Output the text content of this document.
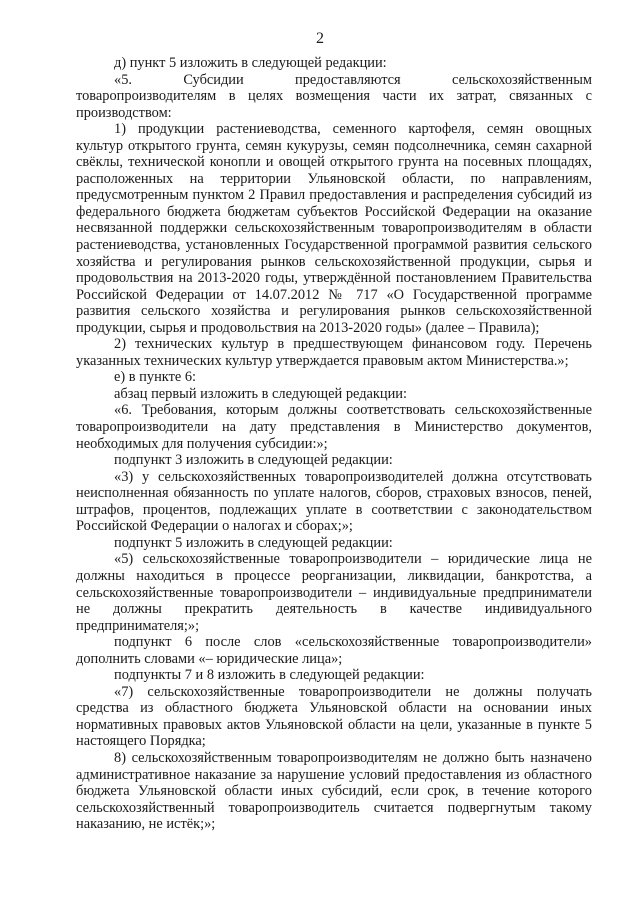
2

д) пункт 5 изложить в следующей редакции:

«5. Субсидии предоставляются сельскохозяйственным товаропроизводителям в целях возмещения части их затрат, связанных с производством:

1) продукции растениеводства, семенного картофеля, семян овощных культур открытого грунта, семян кукурузы, семян подсолнечника, семян сахарной свёклы, технической конопли и овощей открытого грунта на посевных площадях, расположенных на территории Ульяновской области, по направлениям, предусмотренным пунктом 2 Правил предоставления и распределения субсидий из федерального бюджета бюджетам субъектов Российской Федерации на оказание несвязанной поддержки сельскохозяйственным товаропроизводителям в области растениеводства, установленных Государственной программой развития сельского хозяйства и регулирования рынков сельскохозяйственной продукции, сырья и продовольствия на 2013-2020 годы, утверждённой постановлением Правительства Российской Федерации от 14.07.2012 № 717 «О Государственной программе развития сельского хозяйства и регулирования рынков сельскохозяйственной продукции, сырья и продовольствия на 2013-2020 годы» (далее – Правила);

2) технических культур в предшествующем финансовом году. Перечень указанных технических культур утверждается правовым актом Министерства.»;

е) в пункте 6:

абзац первый изложить в следующей редакции:

«6. Требования, которым должны соответствовать сельскохозяйственные товаропроизводители на дату представления в Министерство документов, необходимых для получения субсидии:»;

подпункт 3 изложить в следующей редакции:

«3) у сельскохозяйственных товаропроизводителей должна отсутствовать неисполненная обязанность по уплате налогов, сборов, страховых взносов, пеней, штрафов, процентов, подлежащих уплате в соответствии с законодательством Российской Федерации о налогах и сборах;»;

подпункт 5 изложить в следующей редакции:

«5) сельскохозяйственные товаропроизводители – юридические лица не должны находиться в процессе реорганизации, ликвидации, банкротства, а сельскохозяйственные товаропроизводители – индивидуальные предприниматели не должны прекратить деятельность в качестве индивидуального предпринимателя;»;

подпункт 6 после слов «сельскохозяйственные товаропроизводители» дополнить словами «– юридические лица»;

подпункты 7 и 8 изложить в следующей редакции:

«7) сельскохозяйственные товаропроизводители не должны получать средства из областного бюджета Ульяновской области на основании иных нормативных правовых актов Ульяновской области на цели, указанные в пункте 5 настоящего Порядка;

8) сельскохозяйственным товаропроизводителям не должно быть назначено административное наказание за нарушение условий предоставления из областного бюджета Ульяновской области иных субсидий, если срок, в течение которого сельскохозяйственный товаропроизводитель считается подвергнутым такому наказанию, не истёк;»;
